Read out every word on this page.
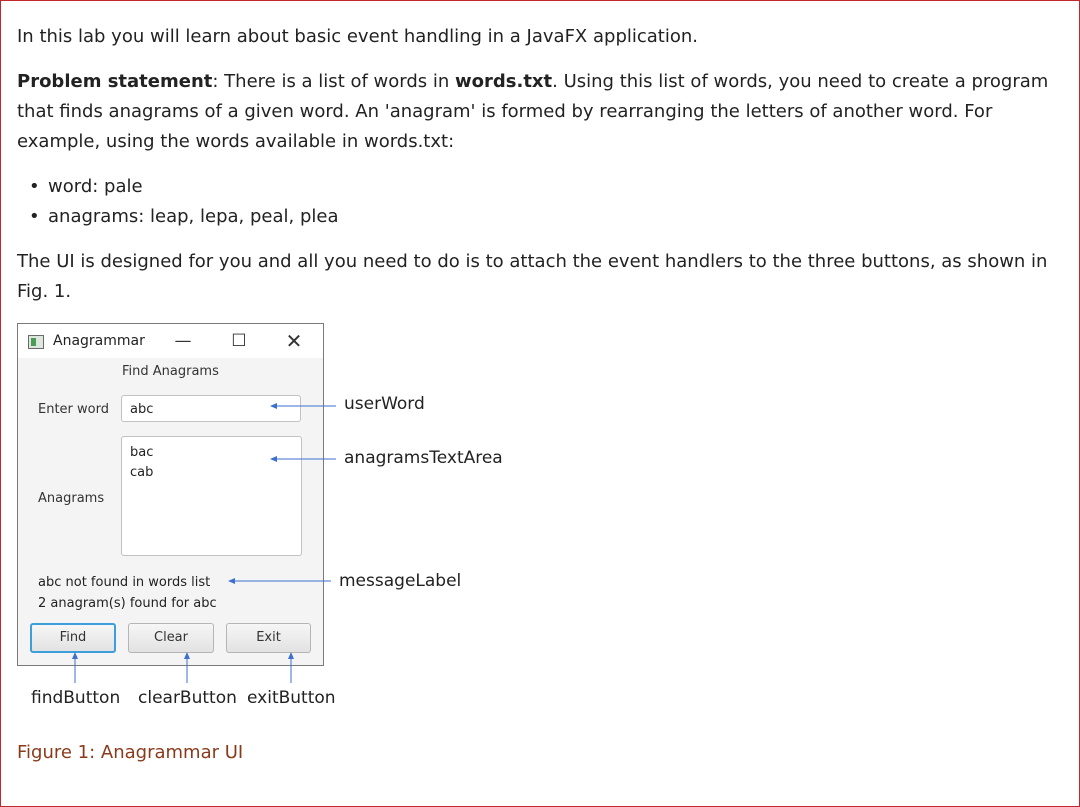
In this lab you will learn about basic event handling in a JavaFX application.

Problem statement: There is a list of words in words.txt. Using this list of words, you need to create a program that finds anagrams of a given word. An 'anagram' is formed by rearranging the letters of another word. For example, using the words available in words.txt:

• word: pale
• anagrams: leap, lepa, peal, plea

The UI is designed for you and all you need to do is to attach the event handlers to the three buttons, as shown in Fig. 1.

Anagrammar — ☐ ✕
Find Anagrams
Enter word	abc
Anagrams
bac
cab
abc not found in words list
2 anagram(s) found for abc
Find	Clear	Exit
userWord
anagramsTextArea
messageLabel
findButton clearButton exitButton
Figure 1: Anagrammar UI
